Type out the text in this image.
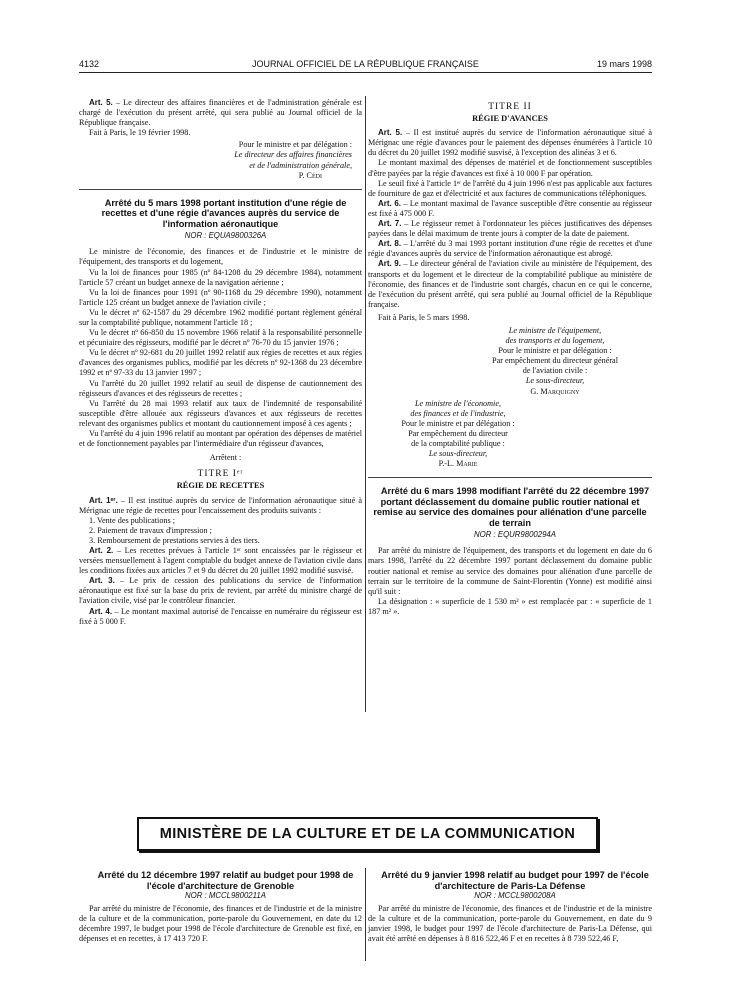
4132	JOURNAL OFFICIEL DE LA RÉPUBLIQUE FRANÇAISE	19 mars 1998

Art. 5. – Le directeur des affaires financières et de l'administration générale est chargé de l'exécution du présent arrêté, qui sera publié au Journal officiel de la République française.

Fait à Paris, le 19 février 1998.

Pour le ministre et par délégation :
Le directeur des affaires financières
et de l'administration générale,
P. Cédi

Arrêté du 5 mars 1998 portant institution d'une régie de recettes et d'une régie d'avances auprès du service de l'information aéronautique

NOR : EQUA9800326A

Le ministre de l'économie, des finances et de l'industrie et le ministre de l'équipement, des transports et du logement,

Vu la loi de finances pour 1985 (nº 84-1208 du 29 décembre 1984), notamment l'article 57 créant un budget annexe de la navigation aérienne ;

Vu la loi de finances pour 1991 (nº 90-1168 du 29 décembre 1990), notamment l'article 125 créant un budget annexe de l'aviation civile ;

Vu le décret nº 62-1587 du 29 décembre 1962 modifié portant règlement général sur la comptabilité publique, notamment l'article 18 ;

Vu le décret nº 66-850 du 15 novembre 1966 relatif à la responsabilité personnelle et pécuniaire des régisseurs, modifié par le décret nº 76-70 du 15 janvier 1976 ;

Vu le décret nº 92-681 du 20 juillet 1992 relatif aux régies de recettes et aux régies d'avances des organismes publics, modifié par les décrets nº 92-1368 du 23 décembre 1992 et nº 97-33 du 13 janvier 1997 ;

Vu l'arrêté du 20 juillet 1992 relatif au seuil de dispense de cautionnement des régisseurs d'avances et des régisseurs de recettes ;

Vu l'arrêté du 28 mai 1993 relatif aux taux de l'indemnité de responsabilité susceptible d'être allouée aux régisseurs d'avances et aux régisseurs de recettes relevant des organismes publics et montant du cautionnement imposé à ces agents ;

Vu l'arrêté du 4 juin 1996 relatif au montant par opération des dépenses de matériel et de fonctionnement payables par l'intermédiaire d'un régisseur d'avances,

Arrêtent :

TITRE Iᵉʳ
RÉGIE DE RECETTES

Art. 1ᵉʳ. – Il est institué auprès du service de l'information aéronautique situé à Mérignac une régie de recettes pour l'encaissement des produits suivants :

1. Vente des publications ;

2. Paiement de travaux d'impression ;

3. Remboursement de prestations servies à des tiers.

Art. 2. – Les recettes prévues à l'article 1ᵉʳ sont encaissées par le régisseur et versées mensuellement à l'agent comptable du budget annexe de l'aviation civile dans les conditions fixées aux articles 7 et 9 du décret du 20 juillet 1992 modifié susvisé.

Art. 3. – Le prix de cession des publications du service de l'information aéronautique est fixé sur la base du prix de revient, par arrêté du ministre chargé de l'aviation civile, visé par le contrôleur financier.

Art. 4. – Le montant maximal autorisé de l'encaisse en numéraire du régisseur est fixé à 5 000 F.

TITRE II
RÉGIE D'AVANCES

Art. 5. – Il est institué auprès du service de l'information aéronautique situé à Mérignac une régie d'avances pour le paiement des dépenses énumérées à l'article 10 du décret du 20 juillet 1992 modifié susvisé, à l'exception des alinéas 3 et 6.

Le montant maximal des dépenses de matériel et de fonctionnement susceptibles d'être payées par la régie d'avances est fixé à 10 000 F par opération.

Le seuil fixé à l'article 1ᵉʳ de l'arrêté du 4 juin 1996 n'est pas applicable aux factures de fourniture de gaz et d'électricité et aux factures de communications téléphoniques.

Art. 6. – Le montant maximal de l'avance susceptible d'être consentie au régisseur est fixé à 475 000 F.

Art. 7. – Le régisseur remet à l'ordonnateur les pièces justificatives des dépenses payées dans le délai maximum de trente jours à compter de la date de paiement.

Art. 8. – L'arrêté du 3 mai 1993 portant institution d'une régie de recettes et d'une régie d'avances auprès du service de l'information aéronautique est abrogé.

Art. 9. – Le directeur général de l'aviation civile au ministère de l'équipement, des transports et du logement et le directeur de la comptabilité publique au ministère de l'économie, des finances et de l'industrie sont chargés, chacun en ce qui le concerne, de l'exécution du présent arrêté, qui sera publié au Journal officiel de la République française.

Fait à Paris, le 5 mars 1998.

Le ministre de l'équipement,
des transports et du logement,
Pour le ministre et par délégation :
Par empêchement du directeur général
de l'aviation civile :
Le sous-directeur,
G. Marquigny
Le ministre de l'économie,
des finances et de l'industrie,
Pour le ministre et par délégation :
Par empêchement du directeur
de la comptabilité publique :
Le sous-directeur,
P.-L. Marie

Arrêté du 6 mars 1998 modifiant l'arrêté du 22 décembre 1997 portant déclassement du domaine public routier national et remise au service des domaines pour aliénation d'une parcelle de terrain

NOR : EQUR9800294A

Par arrêté du ministre de l'équipement, des transports et du logement en date du 6 mars 1998, l'arrêté du 22 décembre 1997 portant déclassement du domaine public routier national et remise au service des domaines pour aliénation d'une parcelle de terrain sur le territoire de la commune de Saint-Florentin (Yonne) est modifié ainsi qu'il suit :

La désignation : « superficie de 1 530 m² » est remplacée par : « superficie de 1 187 m² ».

MINISTÈRE DE LA CULTURE ET DE LA COMMUNICATION

Arrêté du 12 décembre 1997 relatif au budget pour 1998 de l'école d'architecture de Grenoble

NOR : MCCL9800211A

Par arrêté du ministre de l'économie, des finances et de l'industrie et de la ministre de la culture et de la communication, porte-parole du Gouvernement, en date du 12 décembre 1997, le budget pour 1998 de l'école d'architecture de Grenoble est fixé, en dépenses et en recettes, à 17 413 720 F.

Arrêté du 9 janvier 1998 relatif au budget pour 1997 de l'école d'architecture de Paris-La Défense

NOR : MCCL9800208A

Par arrêté du ministre de l'économie, des finances et de l'industrie et de la ministre de la culture et de la communication, porte-parole du Gouvernement, en date du 9 janvier 1998, le budget pour 1997 de l'école d'architecture de Paris-La Défense, qui avait été arrêté en dépenses à 8 816 522,46 F et en recettes à 8 739 522,46 F,
